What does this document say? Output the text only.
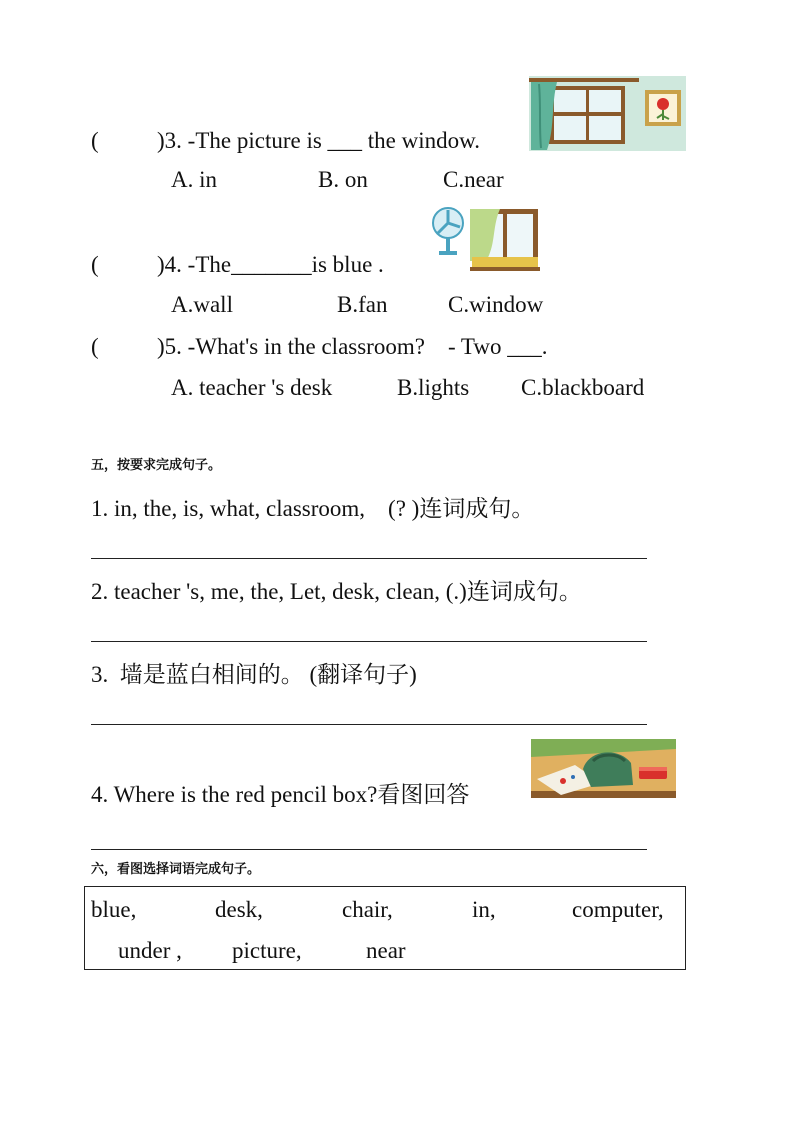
(	)3. -The picture is ___ the window.
A. in	B. on	C.near
(	)4. -The_______is blue .
A.wall	B.fan	C.window
(	)5. -What's in the classroom?    - Two ___.
A. teacher 's desk	B.lights C.blackboard
五，按要求完成句子。
1. in, the, is, what, classroom,    (? )连词成句。
2. teacher 's, me, the, Let, desk, clean, (.)连词成句。
3.  墙是蓝白相间的。 (翻译句子)
4. Where is the red pencil box?看图回答
六，看图选择词语完成句子。
blue,	desk,	chair,	in,	computer,
under , picture,	near
